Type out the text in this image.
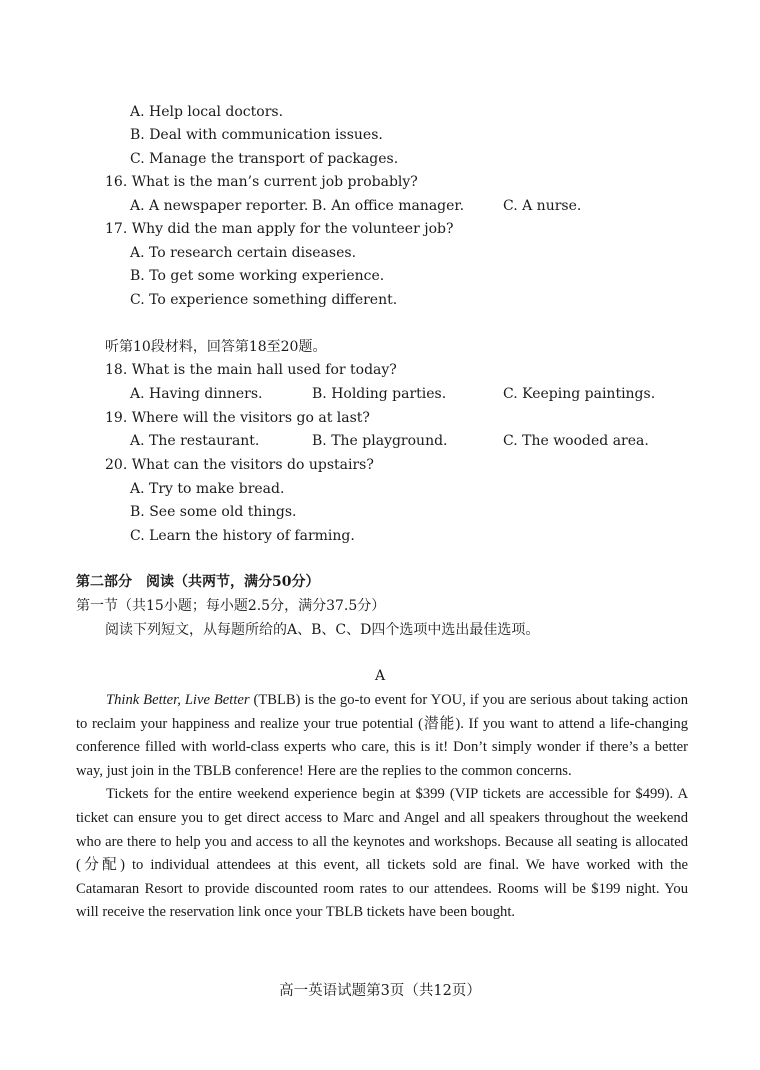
A. Help local doctors.
B. Deal with communication issues.
C. Manage the transport of packages.
16. What is the man’s current job probably?
A. A newspaper reporter. B. An office manager.	C. A nurse.
17. Why did the man apply for the volunteer job?
A. To research certain diseases.
B. To get some working experience.
C. To experience something different.
听第10段材料，回答第18至20题。
18. What is the main hall used for today?
A. Having dinners.	B. Holding parties.	C. Keeping paintings.
19. Where will the visitors go at last?
A. The restaurant.	B. The playground.	C. The wooded area.
20. What can the visitors do upstairs?
A. Try to make bread.
B. See some old things.
C. Learn the history of farming.
第二部分　阅读（共两节，满分50分）
第一节（共15小题；每小题2.5分，满分37.5分）
阅读下列短文，从每题所给的A、B、C、D四个选项中选出最佳选项。
A

Think Better, Live Better (TBLB) is the go-to event for YOU, if you are serious about taking action to reclaim your happiness and realize your true potential (潜能). If you want to attend a life-changing conference filled with world-class experts who care, this is it! Don’t simply wonder if there’s a better way, just join in the TBLB conference! Here are the replies to the common concerns.

Tickets for the entire weekend experience begin at $399 (VIP tickets are accessible for $499). A ticket can ensure you to get direct access to Marc and Angel and all speakers throughout the weekend who are there to help you and access to all the keynotes and workshops. Because all seating is allocated (分配) to individual attendees at this event, all tickets sold are final. We have worked with the Catamaran Resort to provide discounted room rates to our attendees. Rooms will be $199 night. You will receive the reservation link once your TBLB tickets have been bought.

高一英语试题第3页（共12页）
